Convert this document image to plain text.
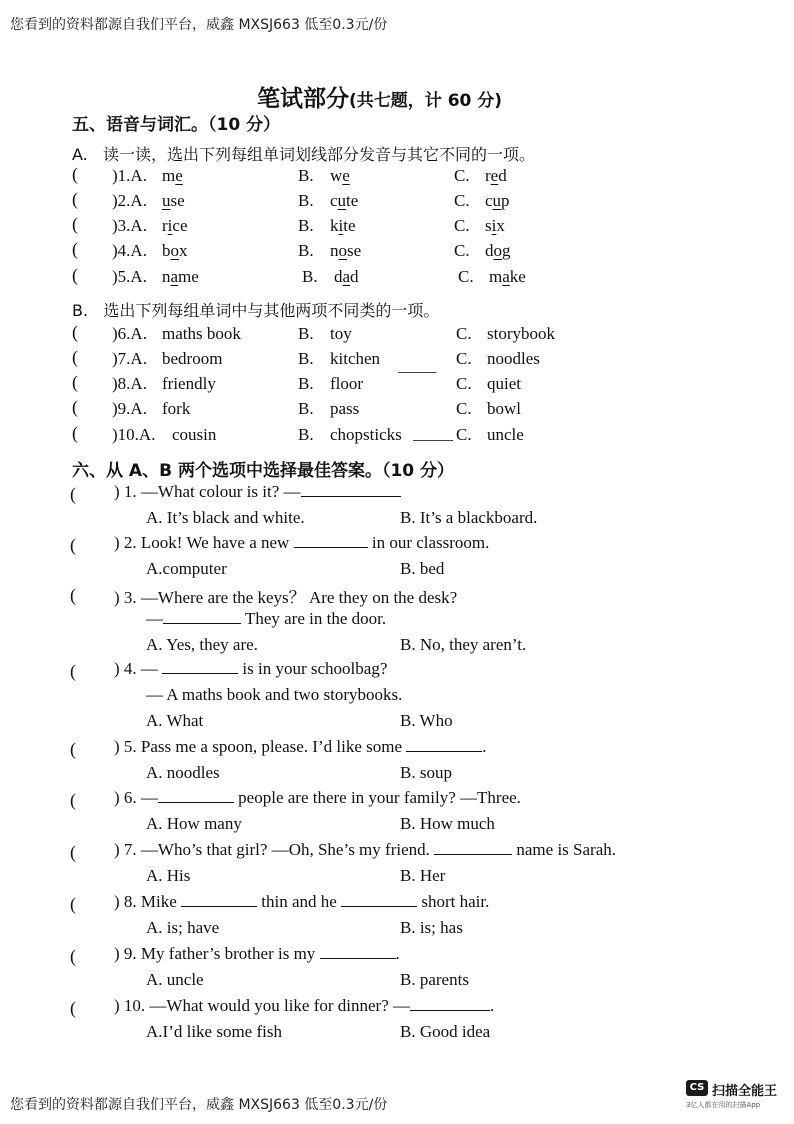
您看到的资料都源自我们平台，威鑫 MXSJ663 低至0.3元/份
您看到的资料都源自我们平台，威鑫 MXSJ663 低至0.3元/份
笔试部分(共七题，计 60 分)
五、语音与词汇。（10 分）
A. 读一读，选出下列每组单词划线部分发音与其它不同的一项。
( )1.A. me	B. we	C. red
( )2.A. use	B. cute	C. cup
( )3.A. rice	B. kite	C. six
( )4.A. box	B. nose	C. dog
( )5.A. name	B. dad	C. make
B. 选出下列每组单词中与其他两项不同类的一项。
( )6.A. maths book	B. toy	C. storybook
( )7.A. bedroom	B. kitchen	C. noodles
( )8.A. friendly	B. floor	C. quiet
( )9.A. fork	B. pass	C. bowl
( )10.A. cousin	B. chopsticks	C. uncle
六、从 A、B 两个选项中选择最佳答案。（10 分）
( ) 1. —What colour is it? —
A. It’s black and white.	B. It’s a blackboard.
( ) 2. Look! We have a new	in our classroom.
A.computer	B. bed
( ) 3. —Where are the keys？ Are they on the desk?
—	They are in the door.
A. Yes, they are.	B. No, they aren’t.
( ) 4. —	is in your schoolbag?
— A maths book and two storybooks.
A. What	B. Who
( ) 5. Pass me a spoon, please. I’d like some	.
A. noodles	B. soup
( ) 6. —	people are there in your family? —Three.
A. How many	B. How much
( ) 7. —Who’s that girl? —Oh, She’s my friend.	name is Sarah.
A. His	B. Her
( ) 8. Mike	thin and he	short hair.
A. is; have	B. is; has
( ) 9. My father’s brother is my	.
A. uncle	B. parents
( ) 10. —What would you like for dinner? —	.
A.I’d like some fish	B. Good idea
CS 扫描全能王
3亿人都在用的扫描App
